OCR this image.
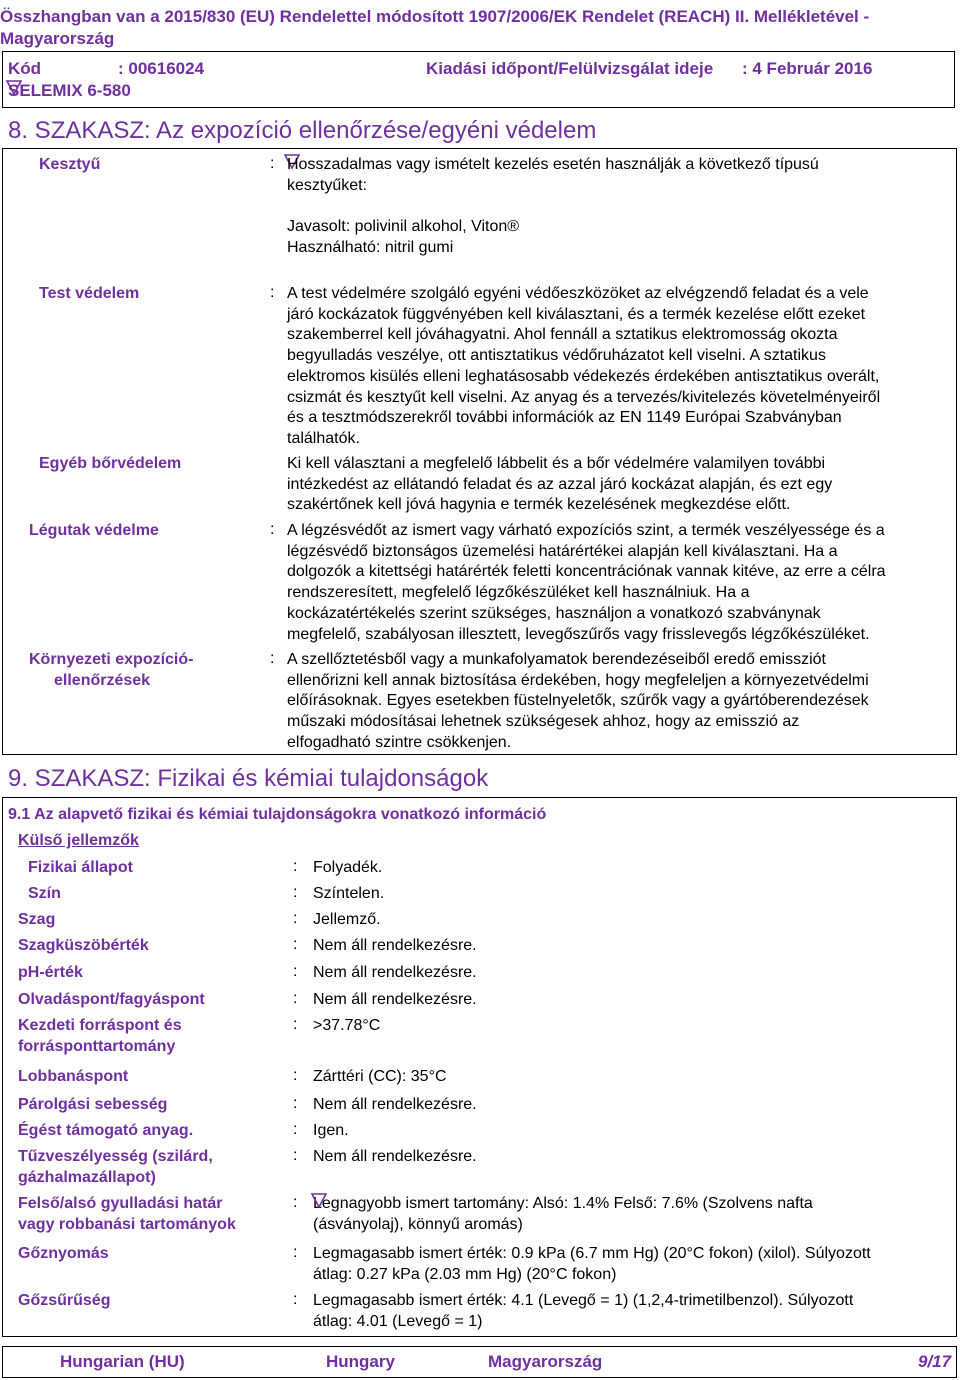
Összhangban van a 2015/830 (EU) Rendelettel módosított 1907/2006/EK Rendelet (REACH) II. Mellékletével - Magyarország
Kód	: 00616024	Kiadási időpont/Felülvizsgálat ideje : 4 Február 2016
SELEMIX 6-580
8. SZAKASZ: Az expozíció ellenőrzése/egyéni védelem
Kesztyű	: Hosszadalmas vagy ismételt kezelés esetén használják a következő típusú
kesztyűket:
Javasolt: polivinil alkohol, Viton®
Használható: nitril gumi
Test védelem	: A test védelmére szolgáló egyéni védőeszközöket az elvégzendő feladat és a vele
járó kockázatok függvényében kell kiválasztani, és a termék kezelése előtt ezeket
szakemberrel kell jóváhagyatni. Ahol fennáll a sztatikus elektromosság okozta
begyulladás veszélye, ott antisztatikus védőruházatot kell viselni. A sztatikus
elektromos kisülés elleni leghatásosabb védekezés érdekében antisztatikus overált,
csizmát és kesztyűt kell viselni. Az anyag és a tervezés/kivitelezés követelményeiről
és a tesztmódszerekről további információk az EN 1149 Európai Szabványban
találhatók.
Egyéb bőrvédelem	Ki kell választani a megfelelő lábbelit és a bőr védelmére valamilyen további
intézkedést az ellátandó feladat és az azzal járó kockázat alapján, és ezt egy
szakértőnek kell jóvá hagynia e termék kezelésének megkezdése előtt.
Légutak védelme	: A légzésvédőt az ismert vagy várható expozíciós szint, a termék veszélyessége és a
légzésvédő biztonságos üzemelési határértékei alapján kell kiválasztani. Ha a
dolgozók a kitettségi határérték feletti koncentrációnak vannak kitéve, az erre a célra
rendszeresített, megfelelő légzőkészüléket kell használniuk. Ha a
kockázatértékelés szerint szükséges, használjon a vonatkozó szabványnak
megfelelő, szabályosan illesztett, levegőszűrős vagy frisslevegős légzőkészüléket.
Környezeti expozíció-
ellenőrzések
: A szellőztetésből vagy a munkafolyamatok berendezéseiből eredő emissziót
ellenőrizni kell annak biztosítása érdekében, hogy megfeleljen a környezetvédelmi
előírásoknak. Egyes esetekben füstelnyeletők, szűrők vagy a gyártóberendezések
műszaki módosításai lehetnek szükségesek ahhoz, hogy az emisszió az
elfogadható szintre csökkenjen.
9. SZAKASZ: Fizikai és kémiai tulajdonságok
9.1 Az alapvető fizikai és kémiai tulajdonságokra vonatkozó információ
Külső jellemzők
Fizikai állapot	: Folyadék.
Szín	: Színtelen.
Szag	: Jellemző.
Szagküszöbérték	: Nem áll rendelkezésre.
pH-érték	: Nem áll rendelkezésre.
Olvadáspont/fagyáspont	: Nem áll rendelkezésre.
Kezdeti forráspont és
forrásponttartomány
: >37.78°C
Lobbanáspont	: Zárttéri (CC): 35°C
Párolgási sebesség	: Nem áll rendelkezésre.
Égést támogató anyag.	: Igen.
Tűzveszélyesség (szilárd,
gázhalmazállapot)
: Nem áll rendelkezésre.
Felső/alsó gyulladási határ
vagy robbanási tartományok
: Legnagyobb ismert tartomány: Alsó: 1.4% Felső: 7.6% (Szolvens nafta
(ásványolaj), könnyű aromás)
Gőznyomás	: Legmagasabb ismert érték: 0.9 kPa (6.7 mm Hg) (20°C fokon) (xilol). Súlyozott
átlag: 0.27 kPa (2.03 mm Hg) (20°C fokon)
Gőzsűrűség	: Legmagasabb ismert érték: 4.1 (Levegő = 1) (1,2,4-trimetilbenzol). Súlyozott
átlag: 4.01 (Levegő = 1)
Hungarian (HU)	Hungary	Magyarország	9/17
